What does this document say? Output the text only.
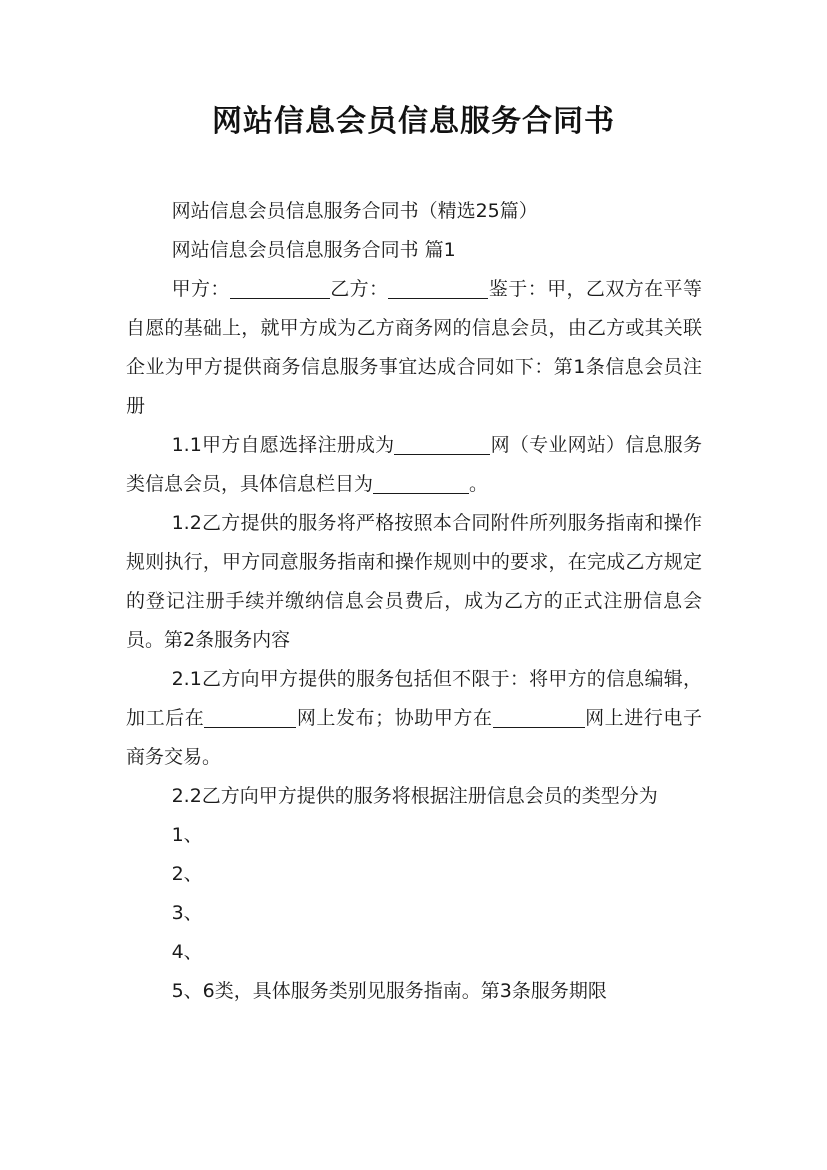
网站信息会员信息服务合同书

网站信息会员信息服务合同书（精选25篇）

网站信息会员信息服务合同书 篇1

甲方：	乙方：	鉴于：甲，乙双方在平等自愿的基础上，就甲方成为乙方商务网的信息会员，由乙方或其关联企业为甲方提供商务信息服务事宜达成合同如下：第1条信息会员注册

1.1甲方自愿选择注册成为	网（专业网站）信息服务类信息会员，具体信息栏目为	。

1.2乙方提供的服务将严格按照本合同附件所列服务指南和操作规则执行，甲方同意服务指南和操作规则中的要求，在完成乙方规定的登记注册手续并缴纳信息会员费后，成为乙方的正式注册信息会员。第2条服务内容

2.1乙方向甲方提供的服务包括但不限于：将甲方的信息编辑，加工后在	网上发布；协助甲方在	网上进行电子商务交易。

2.2乙方向甲方提供的服务将根据注册信息会员的类型分为

1、

2、

3、

4、

5、6类，具体服务类别见服务指南。第3条服务期限
